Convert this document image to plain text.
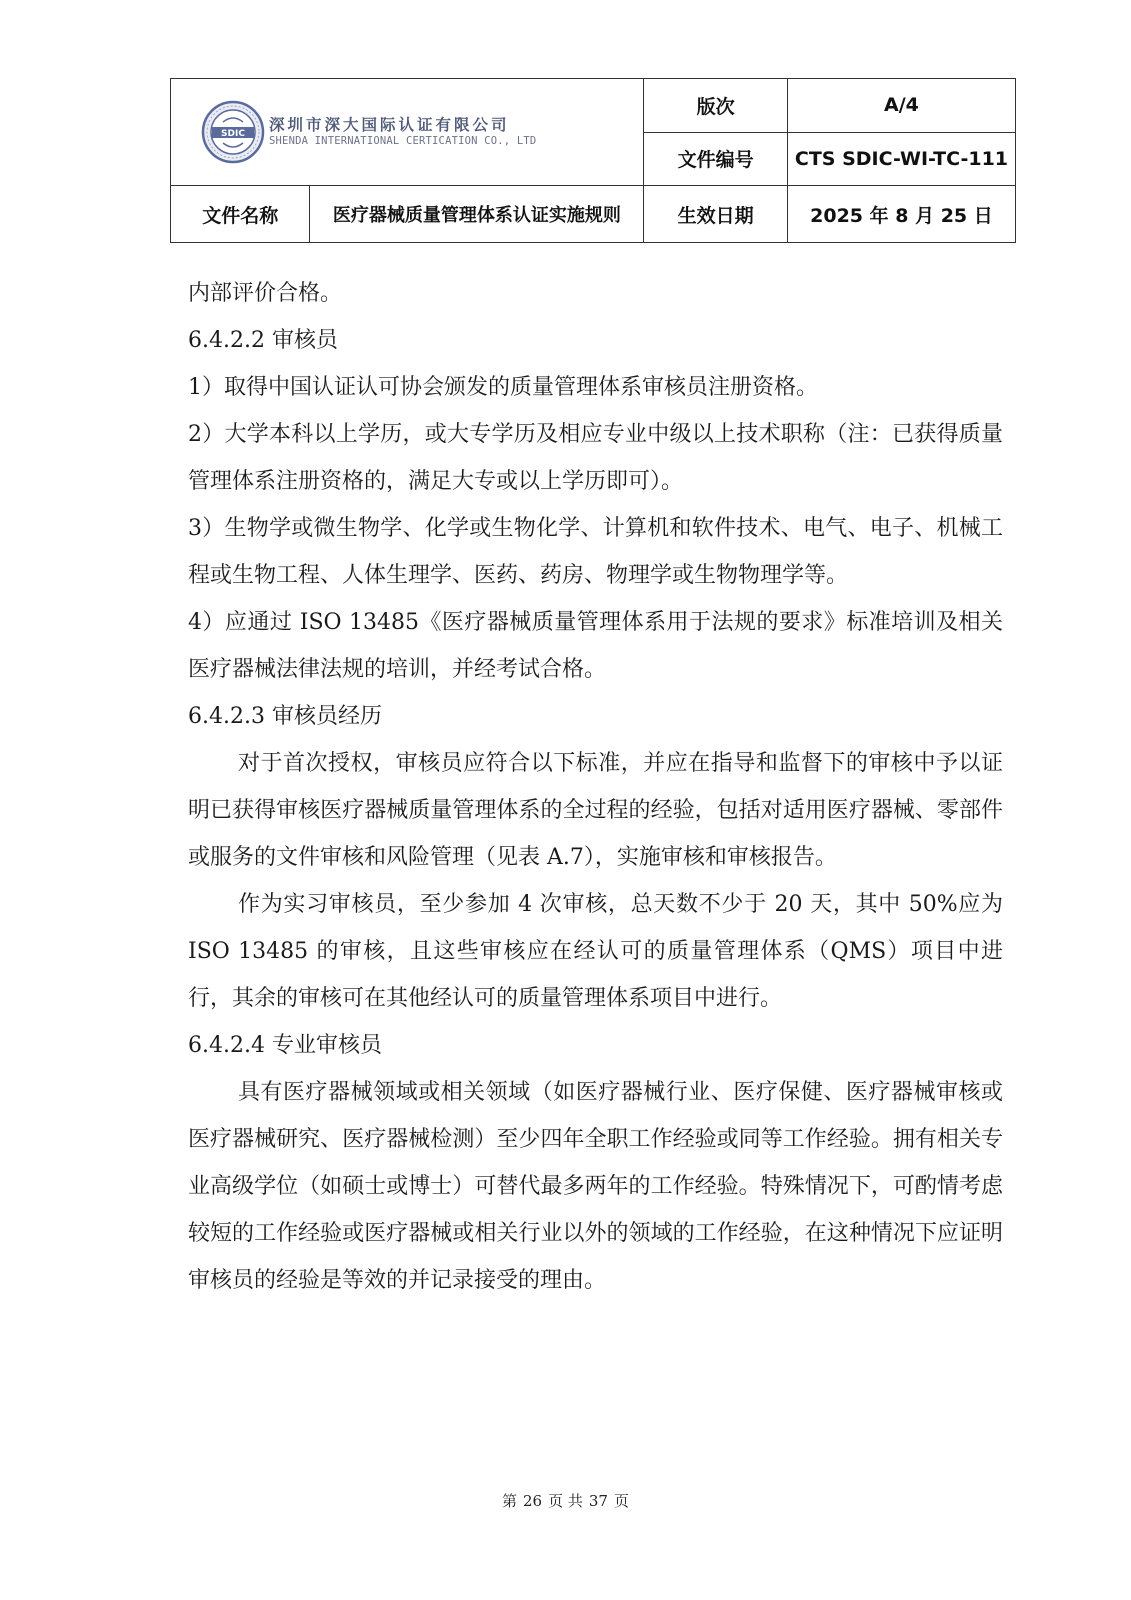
SDIC
深圳市深大国际认证有限公司
SHENDA INTERNATIONAL CERTICATION CO., LTD		版次	A/4
		文件编号	CTS SDIC-WI-TC-111
文件名称	医疗器械质量管理体系认证实施规则	生效日期	2025 年 8 月 25 日

内部评价合格。

6.4.2.2 审核员

1）取得中国认证认可协会颁发的质量管理体系审核员注册资格。

2）大学本科以上学历，或大专学历及相应专业中级以上技术职称（注：已获得质量管理体系注册资格的，满足大专或以上学历即可）。

3）生物学或微生物学、化学或生物化学、计算机和软件技术、电气、电子、机械工程或生物工程、人体生理学、医药、药房、物理学或生物物理学等。

4）应通过 ISO 13485《医疗器械质量管理体系用于法规的要求》标准培训及相关医疗器械法律法规的培训，并经考试合格。

6.4.2.3 审核员经历

对于首次授权，审核员应符合以下标准，并应在指导和监督下的审核中予以证明已获得审核医疗器械质量管理体系的全过程的经验，包括对适用医疗器械、零部件或服务的文件审核和风险管理（见表 A.7），实施审核和审核报告。

作为实习审核员，至少参加 4 次审核，总天数不少于 20 天，其中 50%应为 ISO 13485 的审核，且这些审核应在经认可的质量管理体系（QMS）项目中进行，其余的审核可在其他经认可的质量管理体系项目中进行。

6.4.2.4 专业审核员

具有医疗器械领域或相关领域（如医疗器械行业、医疗保健、医疗器械审核或医疗器械研究、医疗器械检测）至少四年全职工作经验或同等工作经验。拥有相关专业高级学位（如硕士或博士）可替代最多两年的工作经验。特殊情况下，可酌情考虑较短的工作经验或医疗器械或相关行业以外的领域的工作经验，在这种情况下应证明审核员的经验是等效的并记录接受的理由。

第 26 页 共 37 页
